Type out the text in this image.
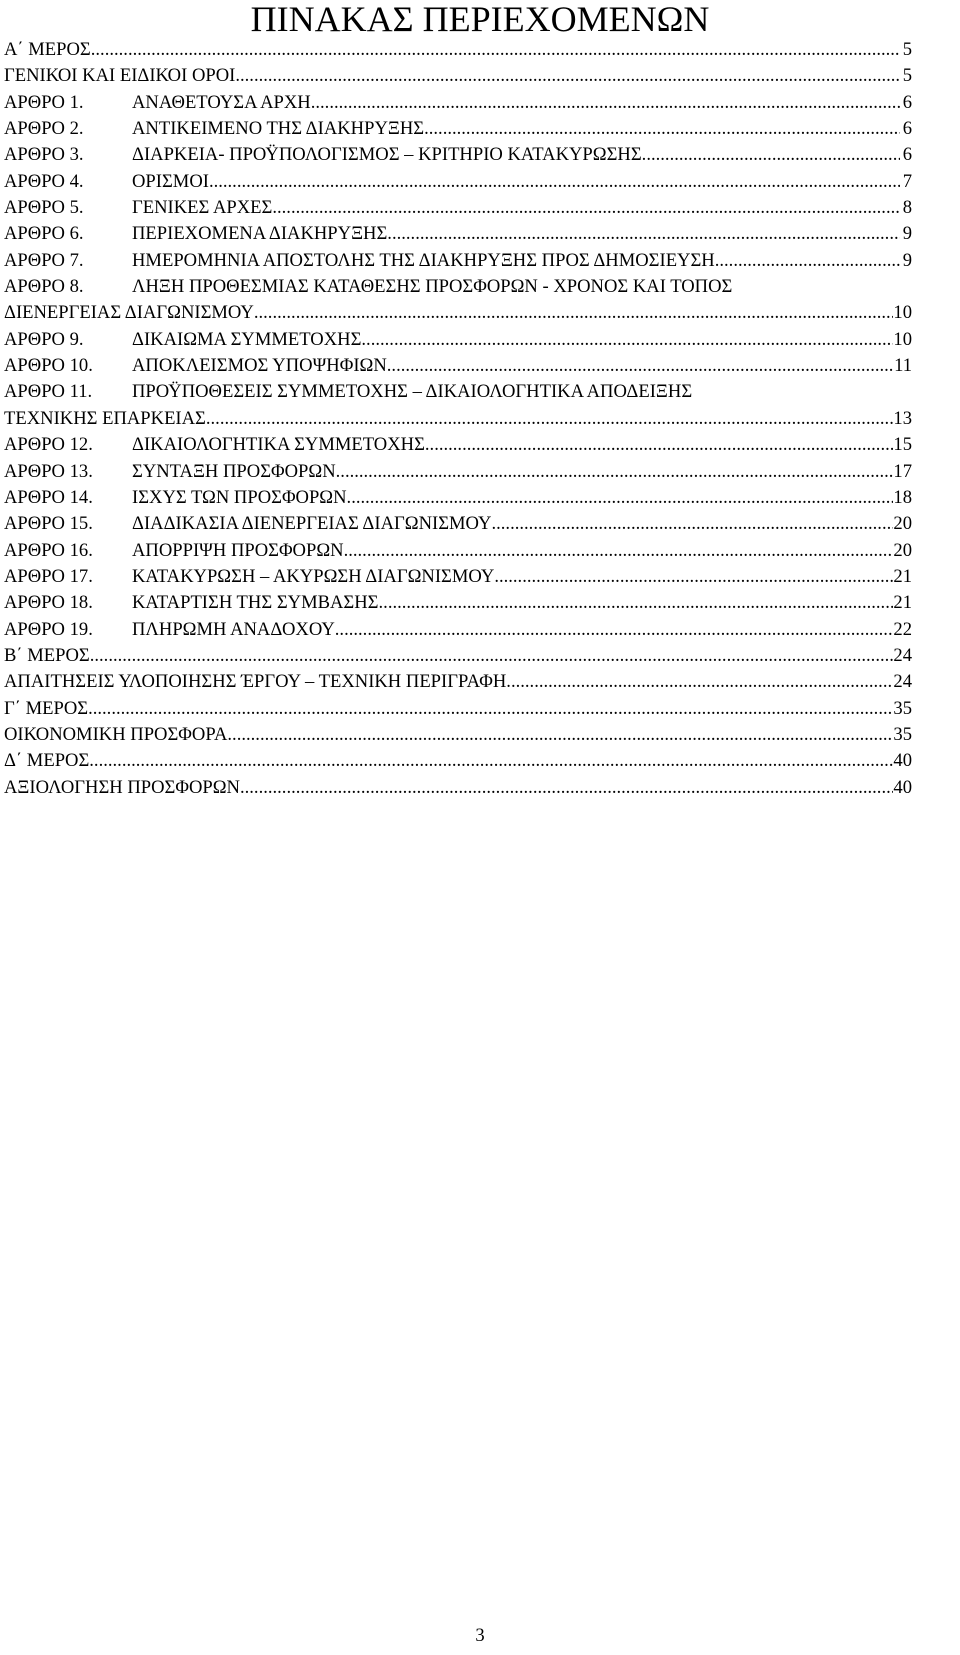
ΠΙΝΑΚΑΣ ΠΕΡΙΕΧΟΜΕΝΩΝ
Α΄ ΜΕΡΟΣ .....	5
ΓΕΝΙΚΟΙ ΚΑΙ ΕΙΔΙΚΟΙ ΟΡΟΙ. .....	5
ΑΡΘΡΟ 1.	ΑΝΑΘΕΤΟΥΣΑ ΑΡΧΗ .....	6
ΑΡΘΡΟ 2.	ΑΝΤΙΚΕΙΜΕΝΟ ΤΗΣ ΔΙΑΚΗΡΥΞΗΣ .....	6
ΑΡΘΡΟ 3.	ΔΙΑΡΚΕΙΑ- ΠΡΟΫΠΟΛΟΓΙΣΜΟΣ – ΚΡΙΤΗΡΙΟ ΚΑΤΑΚΥΡΩΣΗΣ .....	6
ΑΡΘΡΟ 4.	ΟΡΙΣΜΟΙ .....	7
ΑΡΘΡΟ 5.	ΓΕΝΙΚΕΣ ΑΡΧΕΣ .....	8
ΑΡΘΡΟ 6.	ΠΕΡΙΕΧΟΜΕΝΑ ΔΙΑΚΗΡΥΞΗΣ .....	9
ΑΡΘΡΟ 7.	ΗΜΕΡΟΜΗΝΙΑ ΑΠΟΣΤΟΛΗΣ ΤΗΣ ΔΙΑΚΗΡΥΞΗΣ ΠΡΟΣ ΔΗΜΟΣΙΕΥΣΗ .....	9
ΑΡΘΡΟ 8.	ΛΗΞΗ ΠΡΟΘΕΣΜΙΑΣ ΚΑΤΑΘΕΣΗΣ ΠΡΟΣΦΟΡΩΝ - ΧΡΟΝΟΣ ΚΑΙ ΤΟΠΟΣ
ΔΙΕΝΕΡΓΕΙΑΣ ΔΙΑΓΩΝΙΣΜΟΥ .....	10
ΑΡΘΡΟ 9.	ΔΙΚΑΙΩΜΑ ΣΥΜΜΕΤΟΧΗΣ .....	10
ΑΡΘΡΟ 10.	ΑΠΟΚΛΕΙΣΜΟΣ ΥΠΟΨΗΦΙΩΝ .....	11
ΑΡΘΡΟ 11.	ΠΡΟΫΠΟΘΕΣΕΙΣ ΣΥΜΜΕΤΟΧΗΣ – ΔΙΚΑΙΟΛΟΓΗΤΙΚΑ ΑΠΟΔΕΙΞΗΣ
ΤΕΧΝΙΚΗΣ ΕΠΑΡΚΕΙΑΣ .....	13
ΑΡΘΡΟ 12.	ΔΙΚΑΙΟΛΟΓΗΤΙΚΑ ΣΥΜΜΕΤΟΧΗΣ .....	15
ΑΡΘΡΟ 13.	ΣΥΝΤΑΞΗ ΠΡΟΣΦΟΡΩΝ .....	17
ΑΡΘΡΟ 14.	ΙΣΧΥΣ ΤΩΝ ΠΡΟΣΦΟΡΩΝ .....	18
ΑΡΘΡΟ 15.	ΔΙΑΔΙΚΑΣΙΑ ΔΙΕΝΕΡΓΕΙΑΣ ΔΙΑΓΩΝΙΣΜΟΥ .....	20
ΑΡΘΡΟ 16.	ΑΠΟΡΡΙΨΗ ΠΡΟΣΦΟΡΩΝ .....	20
ΑΡΘΡΟ 17.	ΚΑΤΑΚΥΡΩΣΗ – ΑΚΥΡΩΣΗ ΔΙΑΓΩΝΙΣΜΟΥ .....	21
ΑΡΘΡΟ 18.	ΚΑΤΑΡΤΙΣΗ ΤΗΣ ΣΥΜΒΑΣΗΣ .....	21
ΑΡΘΡΟ 19.	ΠΛΗΡΩΜΗ ΑΝΑΔΟΧΟΥ .....	22
Β΄ ΜΕΡΟΣ .....	24
ΑΠΑΙΤΗΣΕΙΣ ΥΛΟΠΟΙΗΣΗΣ ΈΡΓΟΥ – ΤΕΧΝΙΚΗ ΠΕΡΙΓΡΑΦΗ .....	24
Γ΄ ΜΕΡΟΣ .....	35
ΟΙΚΟΝΟΜΙΚΗ ΠΡΟΣΦΟΡΑ .....	35
Δ΄ ΜΕΡΟΣ .....	40
ΑΞΙΟΛΟΓΗΣΗ ΠΡΟΣΦΟΡΩΝ .....	40
3
